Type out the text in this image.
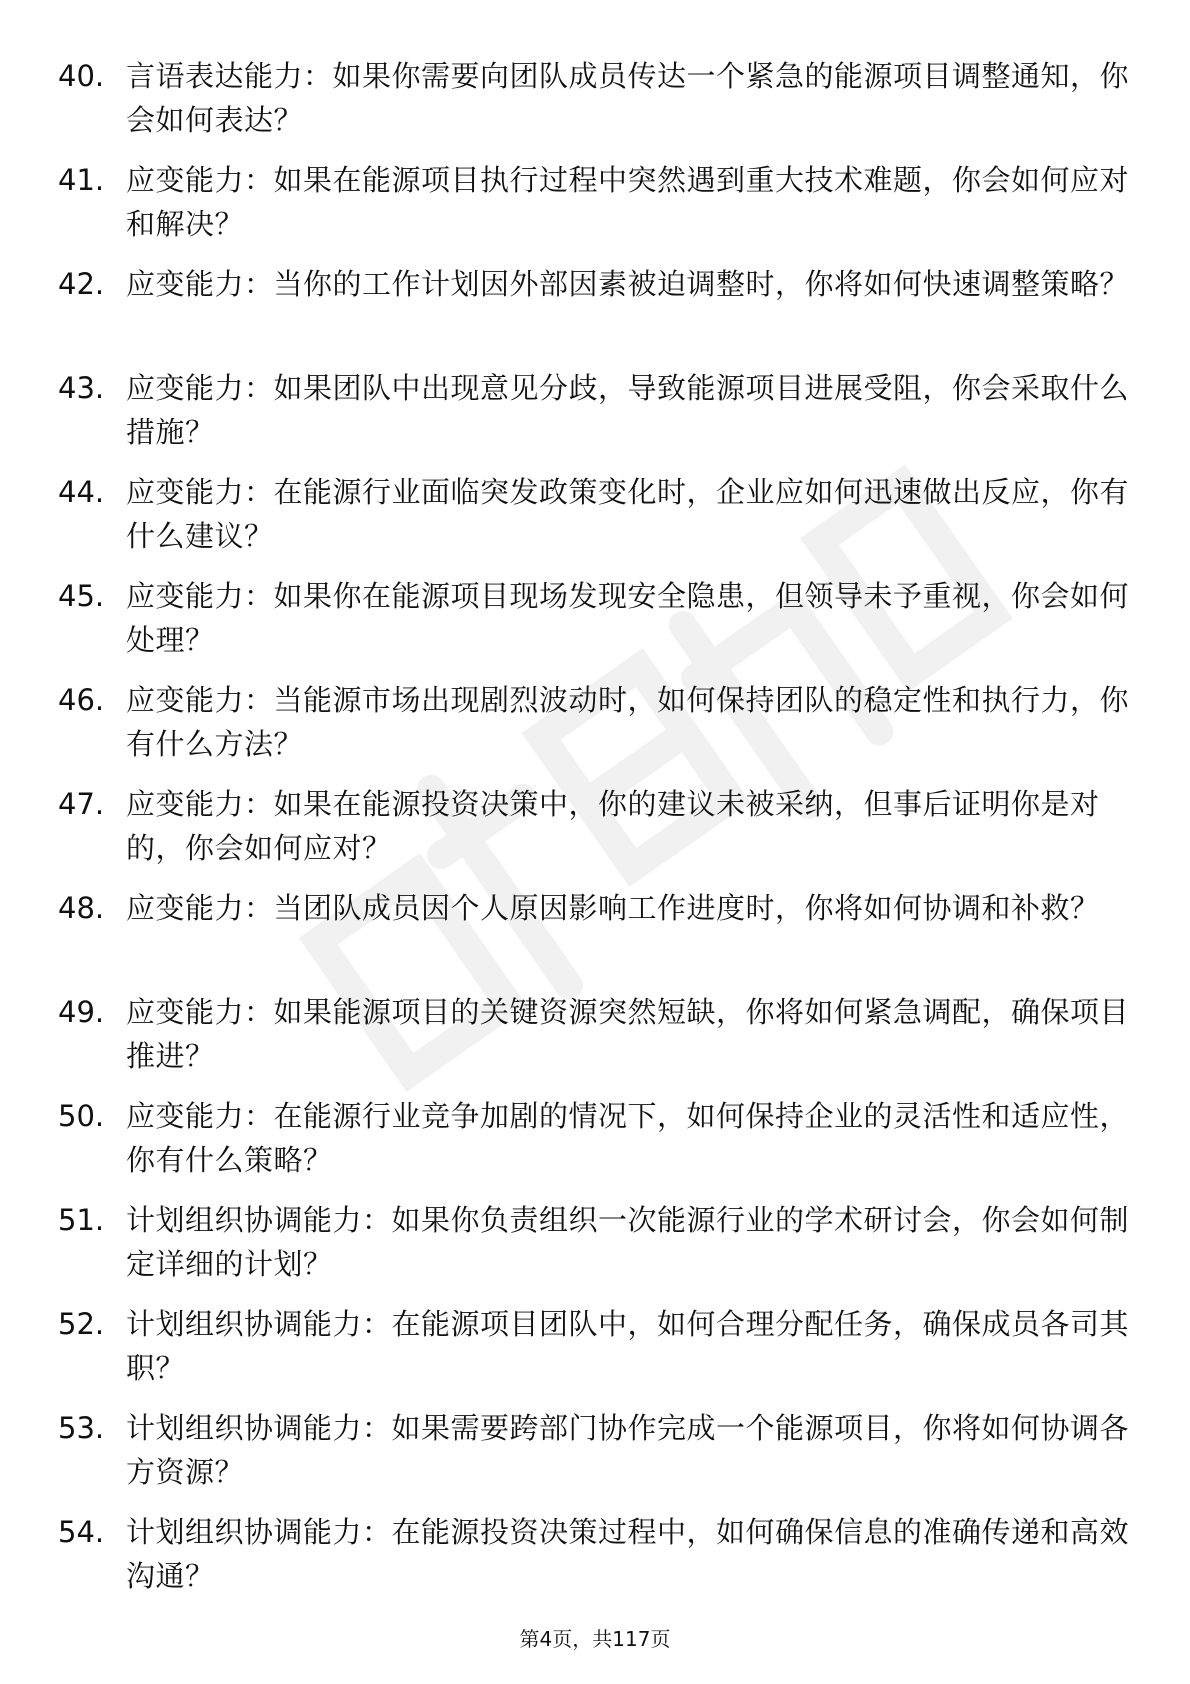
40. 言语表达能力：如果你需要向团队成员传达一个紧急的能源项目调整通知，你会如何表达？
41. 应变能力：如果在能源项目执行过程中突然遇到重大技术难题，你会如何应对和解决？
42. 应变能力：当你的工作计划因外部因素被迫调整时，你将如何快速调整策略？
43. 应变能力：如果团队中出现意见分歧，导致能源项目进展受阻，你会采取什么措施？
44. 应变能力：在能源行业面临突发政策变化时，企业应如何迅速做出反应，你有什么建议？
45. 应变能力：如果你在能源项目现场发现安全隐患，但领导未予重视，你会如何处理？
46. 应变能力：当能源市场出现剧烈波动时，如何保持团队的稳定性和执行力，你有什么方法？
47. 应变能力：如果在能源投资决策中，你的建议未被采纳，但事后证明你是对的，你会如何应对？
48. 应变能力：当团队成员因个人原因影响工作进度时，你将如何协调和补救？
49. 应变能力：如果能源项目的关键资源突然短缺，你将如何紧急调配，确保项目推进？
50. 应变能力：在能源行业竞争加剧的情况下，如何保持企业的灵活性和适应性，你有什么策略？
51. 计划组织协调能力：如果你负责组织一次能源行业的学术研讨会，你会如何制定详细的计划？
52. 计划组织协调能力：在能源项目团队中，如何合理分配任务，确保成员各司其职？
53. 计划组织协调能力：如果需要跨部门协作完成一个能源项目，你将如何协调各方资源？
54. 计划组织协调能力：在能源投资决策过程中，如何确保信息的准确传递和高效沟通？
第4页，共117页
